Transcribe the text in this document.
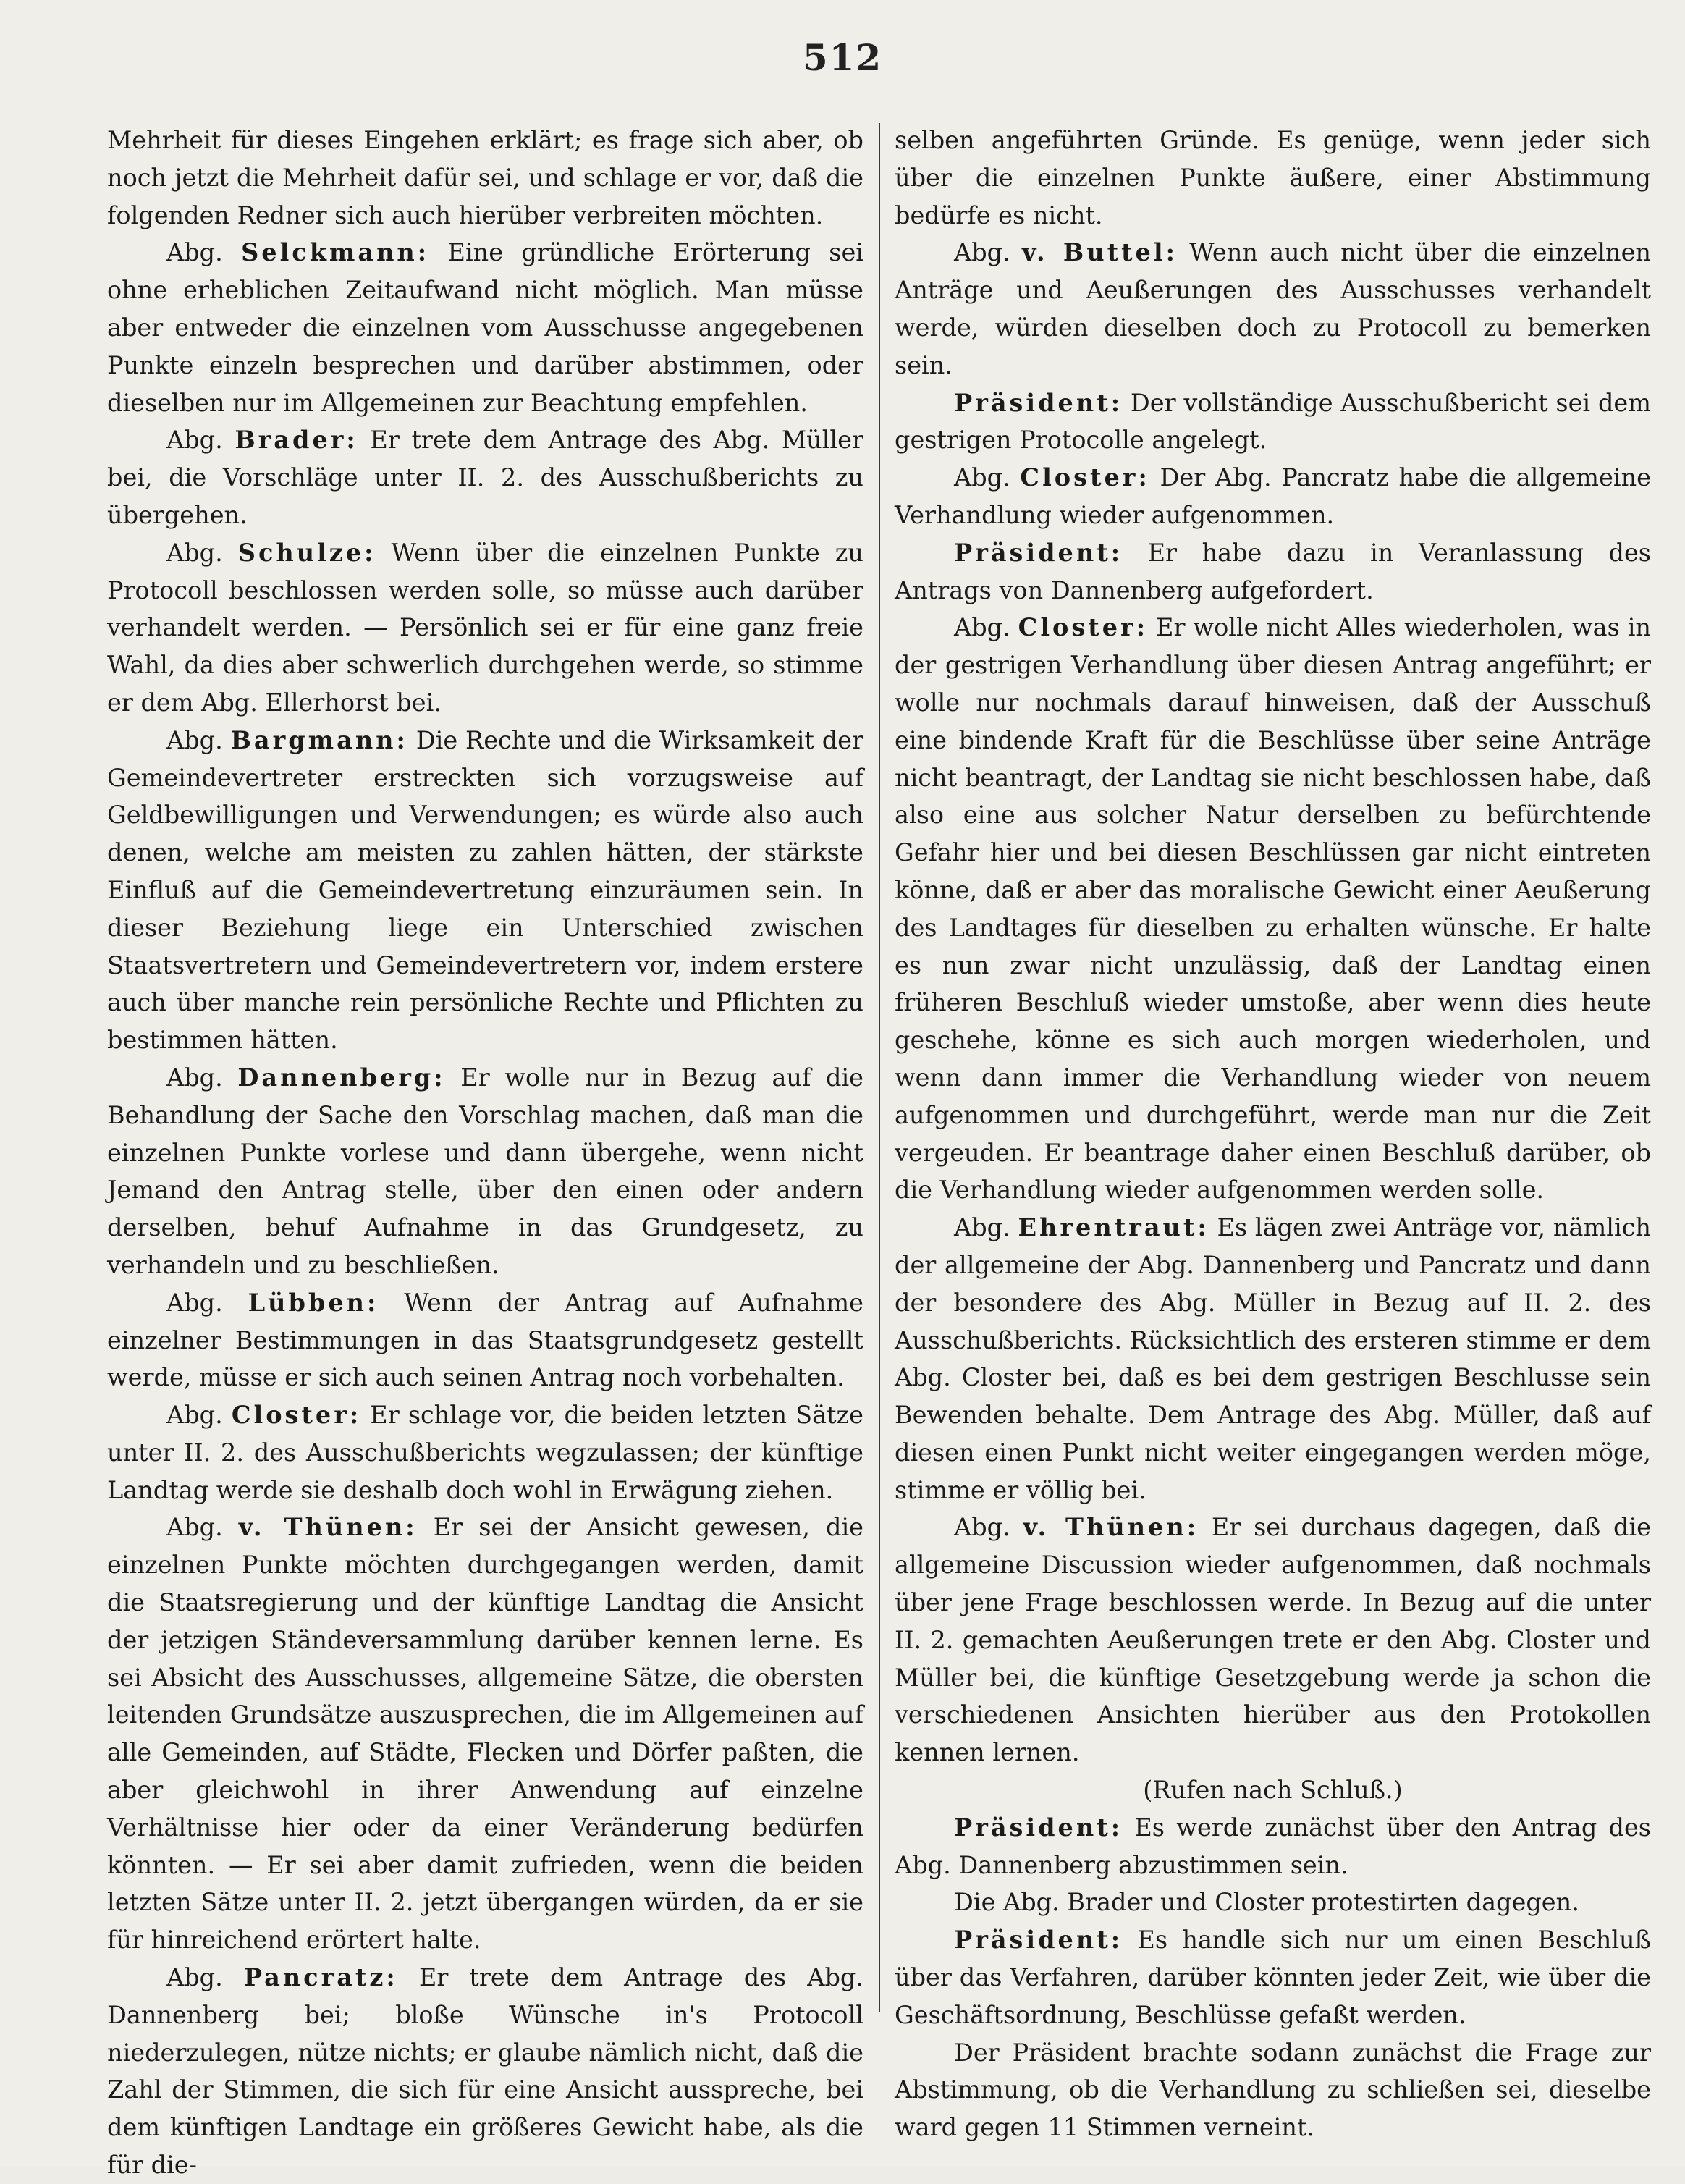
512

Mehrheit für dieses Eingehen erklärt; es frage sich aber, ob noch jetzt die Mehrheit dafür sei, und schlage er vor, daß die folgenden Redner sich auch hierüber verbreiten möchten.

Abg. Selckmann: Eine gründliche Erörterung sei ohne erheblichen Zeitaufwand nicht möglich. Man müsse aber entweder die einzelnen vom Ausschusse angegebenen Punkte einzeln besprechen und darüber abstimmen, oder dieselben nur im Allgemeinen zur Beachtung empfehlen.

Abg. Brader: Er trete dem Antrage des Abg. Müller bei, die Vorschläge unter II. 2. des Ausschußberichts zu übergehen.

Abg. Schulze: Wenn über die einzelnen Punkte zu Protocoll beschlossen werden solle, so müsse auch darüber verhandelt werden. — Persönlich sei er für eine ganz freie Wahl, da dies aber schwerlich durchgehen werde, so stimme er dem Abg. Ellerhorst bei.

Abg. Bargmann: Die Rechte und die Wirksamkeit der Gemeindevertreter erstreckten sich vorzugsweise auf Geldbewilligungen und Verwendungen; es würde also auch denen, welche am meisten zu zahlen hätten, der stärkste Einfluß auf die Gemeindevertretung einzuräumen sein. In dieser Beziehung liege ein Unterschied zwischen Staatsvertretern und Gemeindevertretern vor, indem erstere auch über manche rein persönliche Rechte und Pflichten zu bestimmen hätten.

Abg. Dannenberg: Er wolle nur in Bezug auf die Behandlung der Sache den Vorschlag machen, daß man die einzelnen Punkte vorlese und dann übergehe, wenn nicht Jemand den Antrag stelle, über den einen oder andern derselben, behuf Aufnahme in das Grundgesetz, zu verhandeln und zu beschließen.

Abg. Lübben: Wenn der Antrag auf Aufnahme einzelner Bestimmungen in das Staatsgrundgesetz gestellt werde, müsse er sich auch seinen Antrag noch vorbehalten.

Abg. Closter: Er schlage vor, die beiden letzten Sätze unter II. 2. des Ausschußberichts wegzulassen; der künftige Landtag werde sie deshalb doch wohl in Erwägung ziehen.

Abg. v. Thünen: Er sei der Ansicht gewesen, die einzelnen Punkte möchten durchgegangen werden, damit die Staatsregierung und der künftige Landtag die Ansicht der jetzigen Ständeversammlung darüber kennen lerne. Es sei Absicht des Ausschusses, allgemeine Sätze, die obersten leitenden Grundsätze auszusprechen, die im Allgemeinen auf alle Gemeinden, auf Städte, Flecken und Dörfer paßten, die aber gleichwohl in ihrer Anwendung auf einzelne Verhältnisse hier oder da einer Veränderung bedürfen könnten. — Er sei aber damit zufrieden, wenn die beiden letzten Sätze unter II. 2. jetzt übergangen würden, da er sie für hinreichend erörtert halte.

Abg. Pancratz: Er trete dem Antrage des Abg. Dannenberg bei; bloße Wünsche in's Protocoll niederzulegen, nütze nichts; er glaube nämlich nicht, daß die Zahl der Stimmen, die sich für eine Ansicht ausspreche, bei dem künftigen Landtage ein größeres Gewicht habe, als die für die-

selben angeführten Gründe. Es genüge, wenn jeder sich über die einzelnen Punkte äußere, einer Abstimmung bedürfe es nicht.

Abg. v. Buttel: Wenn auch nicht über die einzelnen Anträge und Aeußerungen des Ausschusses verhandelt werde, würden dieselben doch zu Protocoll zu bemerken sein.

Präsident: Der vollständige Ausschußbericht sei dem gestrigen Protocolle angelegt.

Abg. Closter: Der Abg. Pancratz habe die allgemeine Verhandlung wieder aufgenommen.

Präsident: Er habe dazu in Veranlassung des Antrags von Dannenberg aufgefordert.

Abg. Closter: Er wolle nicht Alles wiederholen, was in der gestrigen Verhandlung über diesen Antrag angeführt; er wolle nur nochmals darauf hinweisen, daß der Ausschuß eine bindende Kraft für die Beschlüsse über seine Anträge nicht beantragt, der Landtag sie nicht beschlossen habe, daß also eine aus solcher Natur derselben zu befürchtende Gefahr hier und bei diesen Beschlüssen gar nicht eintreten könne, daß er aber das moralische Gewicht einer Aeußerung des Landtages für dieselben zu erhalten wünsche. Er halte es nun zwar nicht unzulässig, daß der Landtag einen früheren Beschluß wieder umstoße, aber wenn dies heute geschehe, könne es sich auch morgen wiederholen, und wenn dann immer die Verhandlung wieder von neuem aufgenommen und durchgeführt, werde man nur die Zeit vergeuden. Er beantrage daher einen Beschluß darüber, ob die Verhandlung wieder aufgenommen werden solle.

Abg. Ehrentraut: Es lägen zwei Anträge vor, nämlich der allgemeine der Abg. Dannenberg und Pancratz und dann der besondere des Abg. Müller in Bezug auf II. 2. des Ausschußberichts. Rücksichtlich des ersteren stimme er dem Abg. Closter bei, daß es bei dem gestrigen Beschlusse sein Bewenden behalte. Dem Antrage des Abg. Müller, daß auf diesen einen Punkt nicht weiter eingegangen werden möge, stimme er völlig bei.

Abg. v. Thünen: Er sei durchaus dagegen, daß die allgemeine Discussion wieder aufgenommen, daß nochmals über jene Frage beschlossen werde. In Bezug auf die unter II. 2. gemachten Aeußerungen trete er den Abg. Closter und Müller bei, die künftige Gesetzgebung werde ja schon die verschiedenen Ansichten hierüber aus den Protokollen kennen lernen.

(Rufen nach Schluß.)

Präsident: Es werde zunächst über den Antrag des Abg. Dannenberg abzustimmen sein.

Die Abg. Brader und Closter protestirten dagegen.

Präsident: Es handle sich nur um einen Beschluß über das Verfahren, darüber könnten jeder Zeit, wie über die Geschäftsordnung, Beschlüsse gefaßt werden.

Der Präsident brachte sodann zunächst die Frage zur Abstimmung, ob die Verhandlung zu schließen sei, dieselbe ward gegen 11 Stimmen verneint.
